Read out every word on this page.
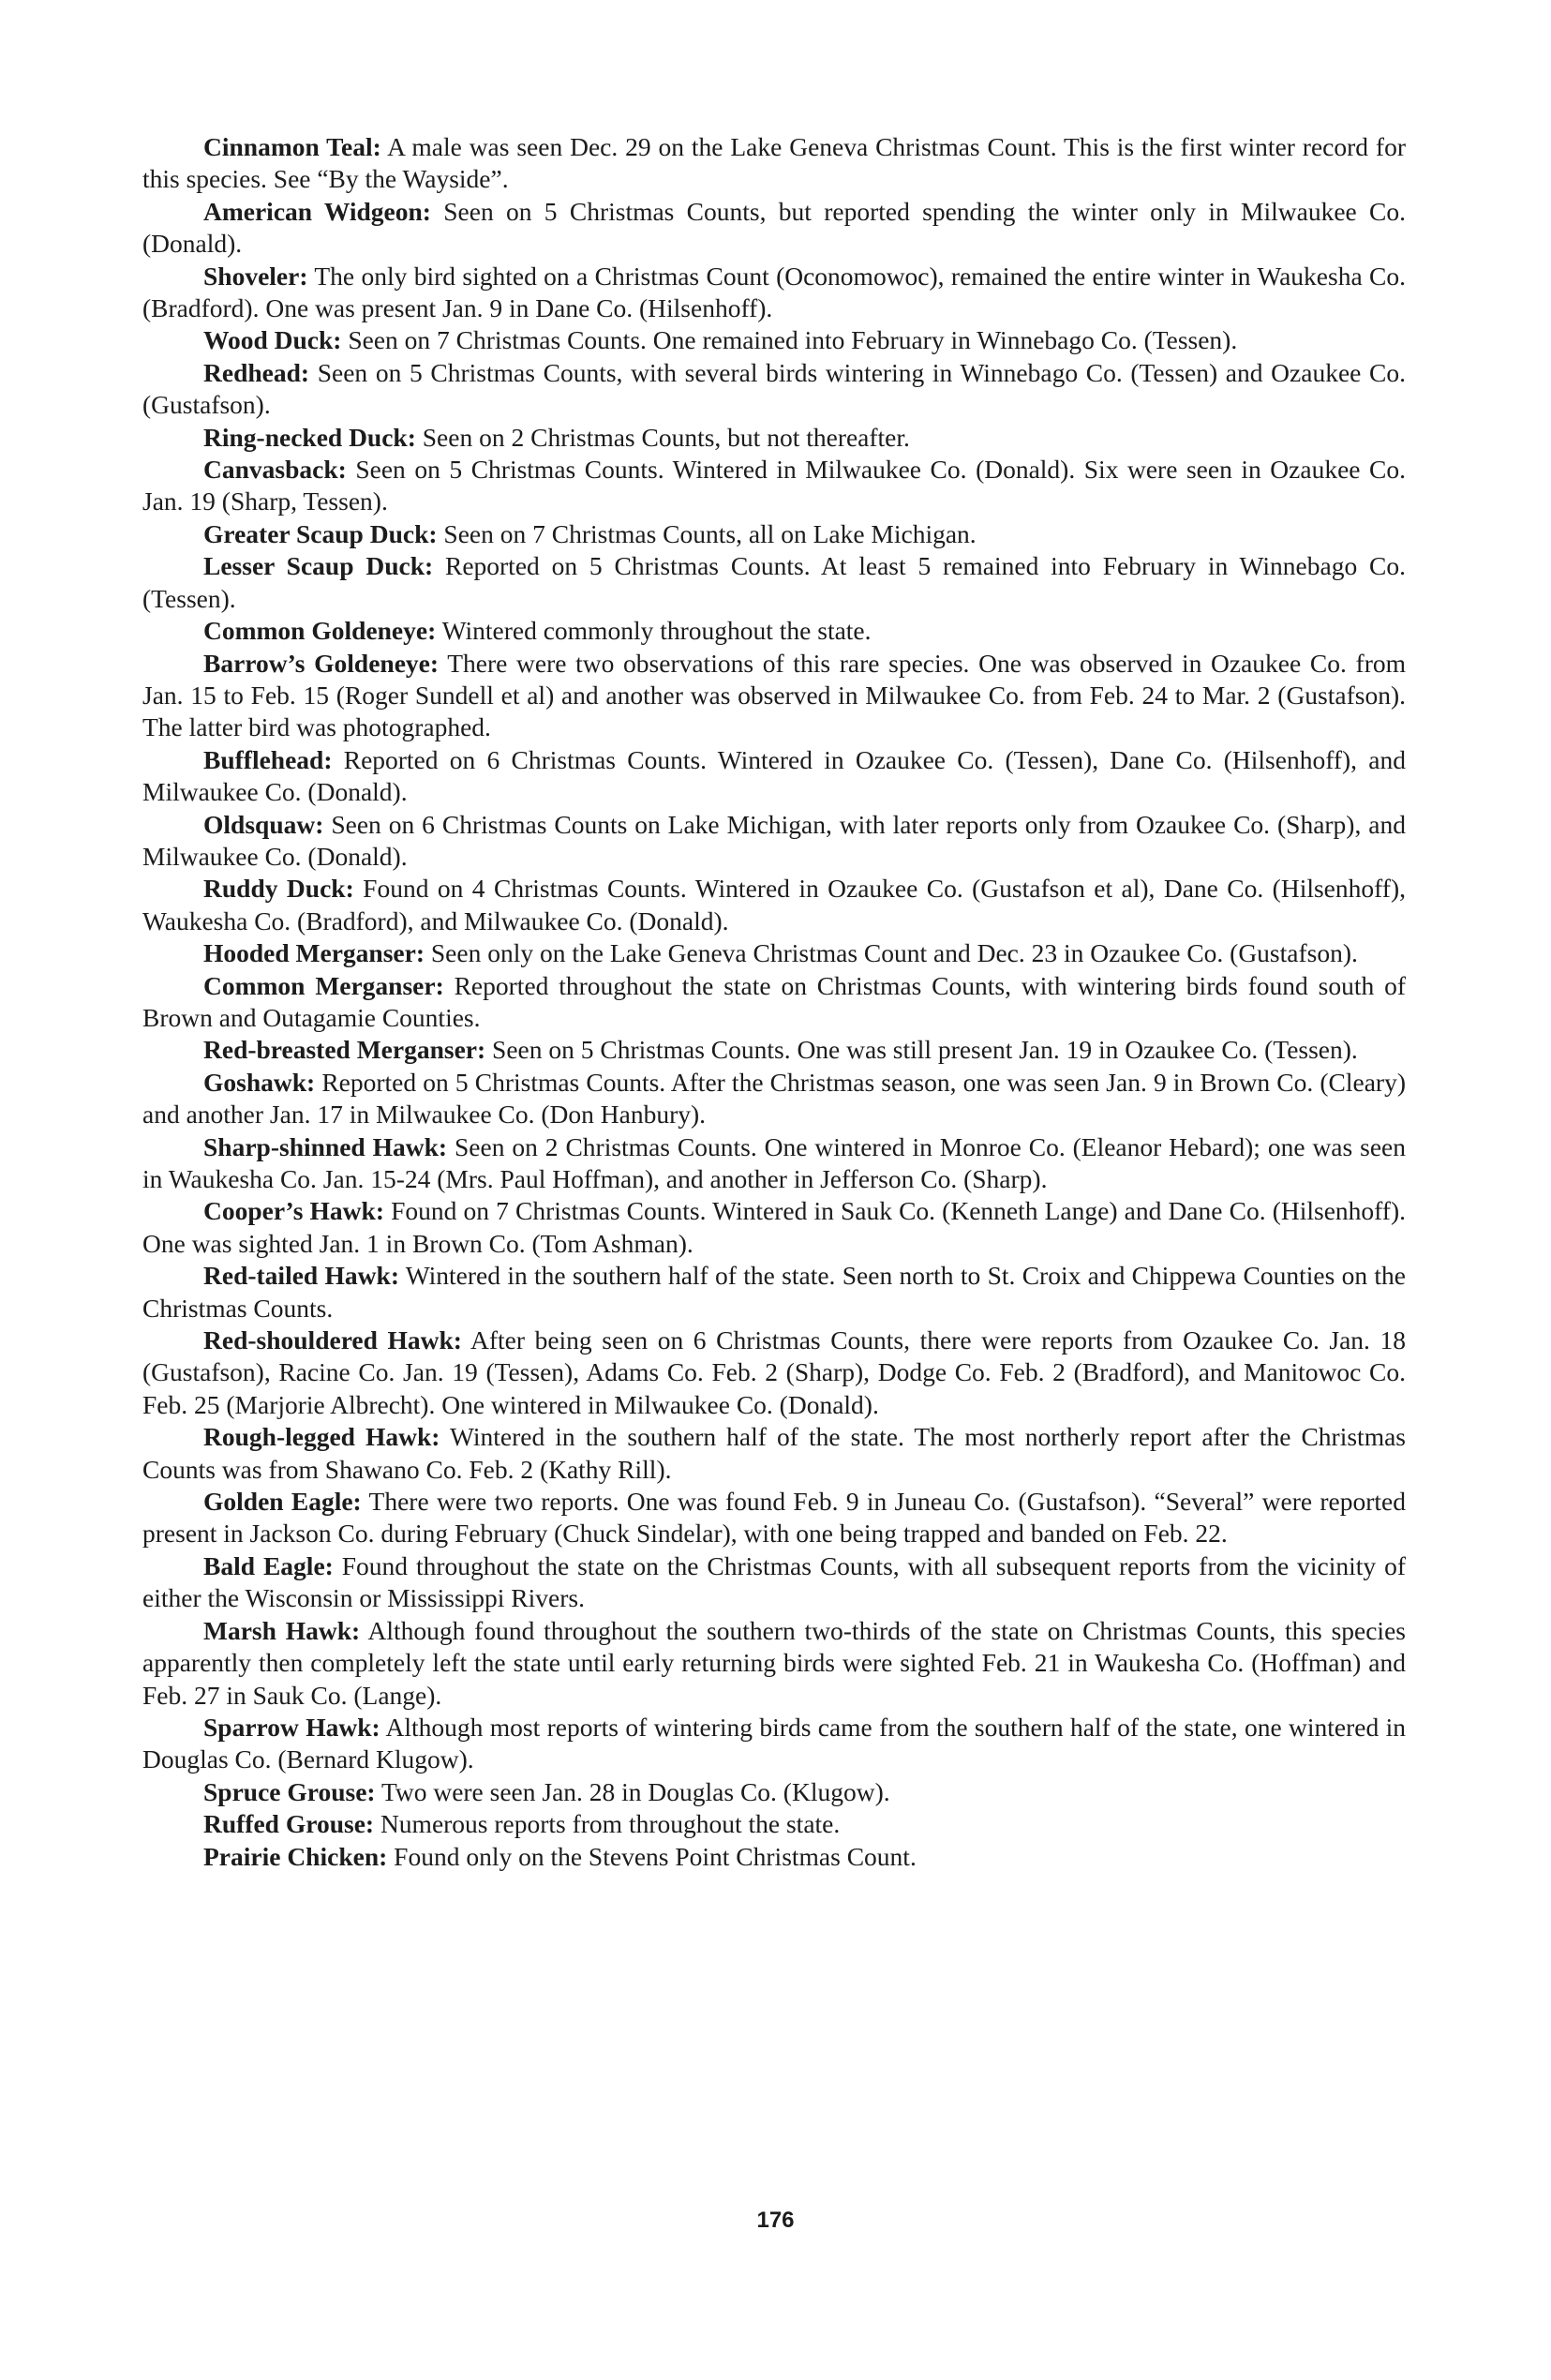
Cinnamon Teal: A male was seen Dec. 29 on the Lake Geneva Christmas Count. This is the first winter record for this species. See “By the Wayside”.

American Widgeon: Seen on 5 Christmas Counts, but reported spending the winter only in Milwaukee Co. (Donald).

Shoveler: The only bird sighted on a Christmas Count (Oconomowoc), remained the entire winter in Waukesha Co. (Bradford). One was present Jan. 9 in Dane Co. (Hilsenhoff).

Wood Duck: Seen on 7 Christmas Counts. One remained into February in Winnebago Co. (Tessen).

Redhead: Seen on 5 Christmas Counts, with several birds wintering in Winnebago Co. (Tessen) and Ozaukee Co. (Gustafson).

Ring-necked Duck: Seen on 2 Christmas Counts, but not thereafter.

Canvasback: Seen on 5 Christmas Counts. Wintered in Milwaukee Co. (Donald). Six were seen in Ozaukee Co. Jan. 19 (Sharp, Tessen).

Greater Scaup Duck: Seen on 7 Christmas Counts, all on Lake Michigan.

Lesser Scaup Duck: Reported on 5 Christmas Counts. At least 5 remained into February in Winnebago Co. (Tessen).

Common Goldeneye: Wintered commonly throughout the state.

Barrow’s Goldeneye: There were two observations of this rare species. One was observed in Ozaukee Co. from Jan. 15 to Feb. 15 (Roger Sundell et al) and another was observed in Milwaukee Co. from Feb. 24 to Mar. 2 (Gustafson). The latter bird was photographed.

Bufflehead: Reported on 6 Christmas Counts. Wintered in Ozaukee Co. (Tessen), Dane Co. (Hilsenhoff), and Milwaukee Co. (Donald).

Oldsquaw: Seen on 6 Christmas Counts on Lake Michigan, with later reports only from Ozaukee Co. (Sharp), and Milwaukee Co. (Donald).

Ruddy Duck: Found on 4 Christmas Counts. Wintered in Ozaukee Co. (Gustafson et al), Dane Co. (Hilsenhoff), Waukesha Co. (Bradford), and Milwaukee Co. (Donald).

Hooded Merganser: Seen only on the Lake Geneva Christmas Count and Dec. 23 in Ozaukee Co. (Gustafson).

Common Merganser: Reported throughout the state on Christmas Counts, with wintering birds found south of Brown and Outagamie Counties.

Red-breasted Merganser: Seen on 5 Christmas Counts. One was still present Jan. 19 in Ozaukee Co. (Tessen).

Goshawk: Reported on 5 Christmas Counts. After the Christmas season, one was seen Jan. 9 in Brown Co. (Cleary) and another Jan. 17 in Milwaukee Co. (Don Hanbury).

Sharp-shinned Hawk: Seen on 2 Christmas Counts. One wintered in Monroe Co. (Eleanor Hebard); one was seen in Waukesha Co. Jan. 15-24 (Mrs. Paul Hoffman), and another in Jefferson Co. (Sharp).

Cooper’s Hawk: Found on 7 Christmas Counts. Wintered in Sauk Co. (Kenneth Lange) and Dane Co. (Hilsenhoff). One was sighted Jan. 1 in Brown Co. (Tom Ashman).

Red-tailed Hawk: Wintered in the southern half of the state. Seen north to St. Croix and Chippewa Counties on the Christmas Counts.

Red-shouldered Hawk: After being seen on 6 Christmas Counts, there were reports from Ozaukee Co. Jan. 18 (Gustafson), Racine Co. Jan. 19 (Tessen), Adams Co. Feb. 2 (Sharp), Dodge Co. Feb. 2 (Bradford), and Manitowoc Co. Feb. 25 (Marjorie Albrecht). One wintered in Milwaukee Co. (Donald).

Rough-legged Hawk: Wintered in the southern half of the state. The most northerly report after the Christmas Counts was from Shawano Co. Feb. 2 (Kathy Rill).

Golden Eagle: There were two reports. One was found Feb. 9 in Juneau Co. (Gustafson). “Several” were reported present in Jackson Co. during February (Chuck Sindelar), with one being trapped and banded on Feb. 22.

Bald Eagle: Found throughout the state on the Christmas Counts, with all subsequent reports from the vicinity of either the Wisconsin or Mississippi Rivers.

Marsh Hawk: Although found throughout the southern two-thirds of the state on Christmas Counts, this species apparently then completely left the state until early returning birds were sighted Feb. 21 in Waukesha Co. (Hoffman) and Feb. 27 in Sauk Co. (Lange).

Sparrow Hawk: Although most reports of wintering birds came from the southern half of the state, one wintered in Douglas Co. (Bernard Klugow).

Spruce Grouse: Two were seen Jan. 28 in Douglas Co. (Klugow).

Ruffed Grouse: Numerous reports from throughout the state.

Prairie Chicken: Found only on the Stevens Point Christmas Count.

176
